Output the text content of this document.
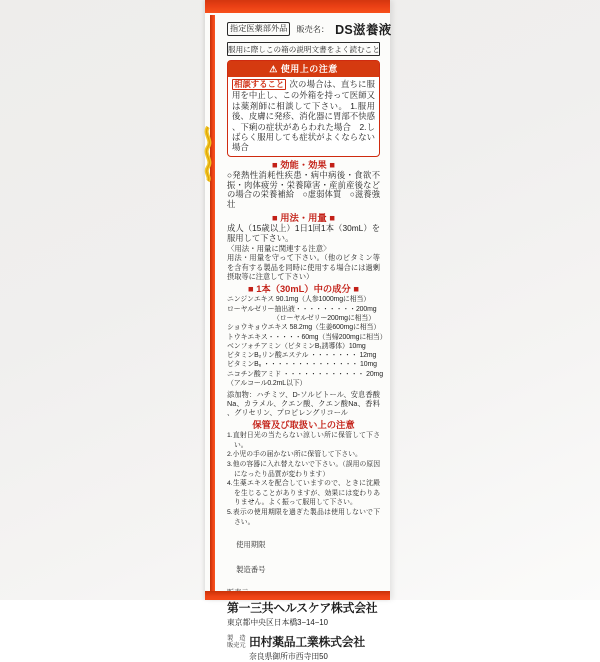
指定医薬部外品	販売名： DS滋養液
服用に際しこの箱の説明文書をよく読むこと
⚠ 使用上の注意
相談すること 次の場合は、直ちに服用を中止し、この外箱を持って医師又は薬剤師に相談して下さい。 1.服用後、皮膚に発疹、消化器に胃部不快感、下痢の症状があらわれた場合　2.しばらく服用しても症状がよくならない場合
■ 効能・効果 ■
○発熱性消耗性疾患・病中病後・食欲不振・肉体疲労・栄養障害・産前産後などの場合の栄養補給　○虚弱体質　○滋養強壮
■ 用法・用量 ■
成人（15歳以上）1日1回1本（30mL）を服用して下さい。
〈用法・用量に関連する注意〉
用法・用量を守って下さい。（他のビタミン等を含有する製品を同時に使用する場合には過剰摂取等に注意して下さい）
■ 1本（30mL）中の成分 ■
ニンジンエキス 90.1mg（人参1000mgに相当）
ローヤルゼリー抽出液・・・・・・・・・200mg
（ローヤルゼリー200mgに相当）
ショウキョウエキス 58.2mg（生姜600mgに相当）
トウキエキス・・・・・60mg（当帰200mgに相当）
ベンフォチアミン（ビタミンB₁誘導体）10mg
ビタミンB₂リン酸エステル ・・・・・・・ 12mg
ビタミンB₆ ・・・・・・・・・・・・・・ 10mg
ニコチン酸アミド ・・・・・・・・・・・・ 20mg
（アルコール0.2mL以下）
添加物：ハチミツ、D-ソルビトール、安息香酸Na、カラメル、クエン酸、クエン酸Na、香料、グリセリン、プロピレングリコール
保管及び取扱い上の注意
1.直射日光の当たらない涼しい所に保管して下さい。
2.小児の手の届かない所に保管して下さい。
3.他の容器に入れ替えないで下さい。（誤用の原因になったり品質が変わります）
4.生薬エキスを配合していますので、ときに沈殿を生じることがありますが、効果には変わりありません。よく振って服用して下さい。
5.表示の使用期限を過ぎた製品は使用しないで下さい。
使用期限
製造番号
第一三共ヘルスケア株式会社
東京都中央区日本橋3−14−10
製　造
販売元 田村薬品工業株式会社
奈良県御所市西寺田50
